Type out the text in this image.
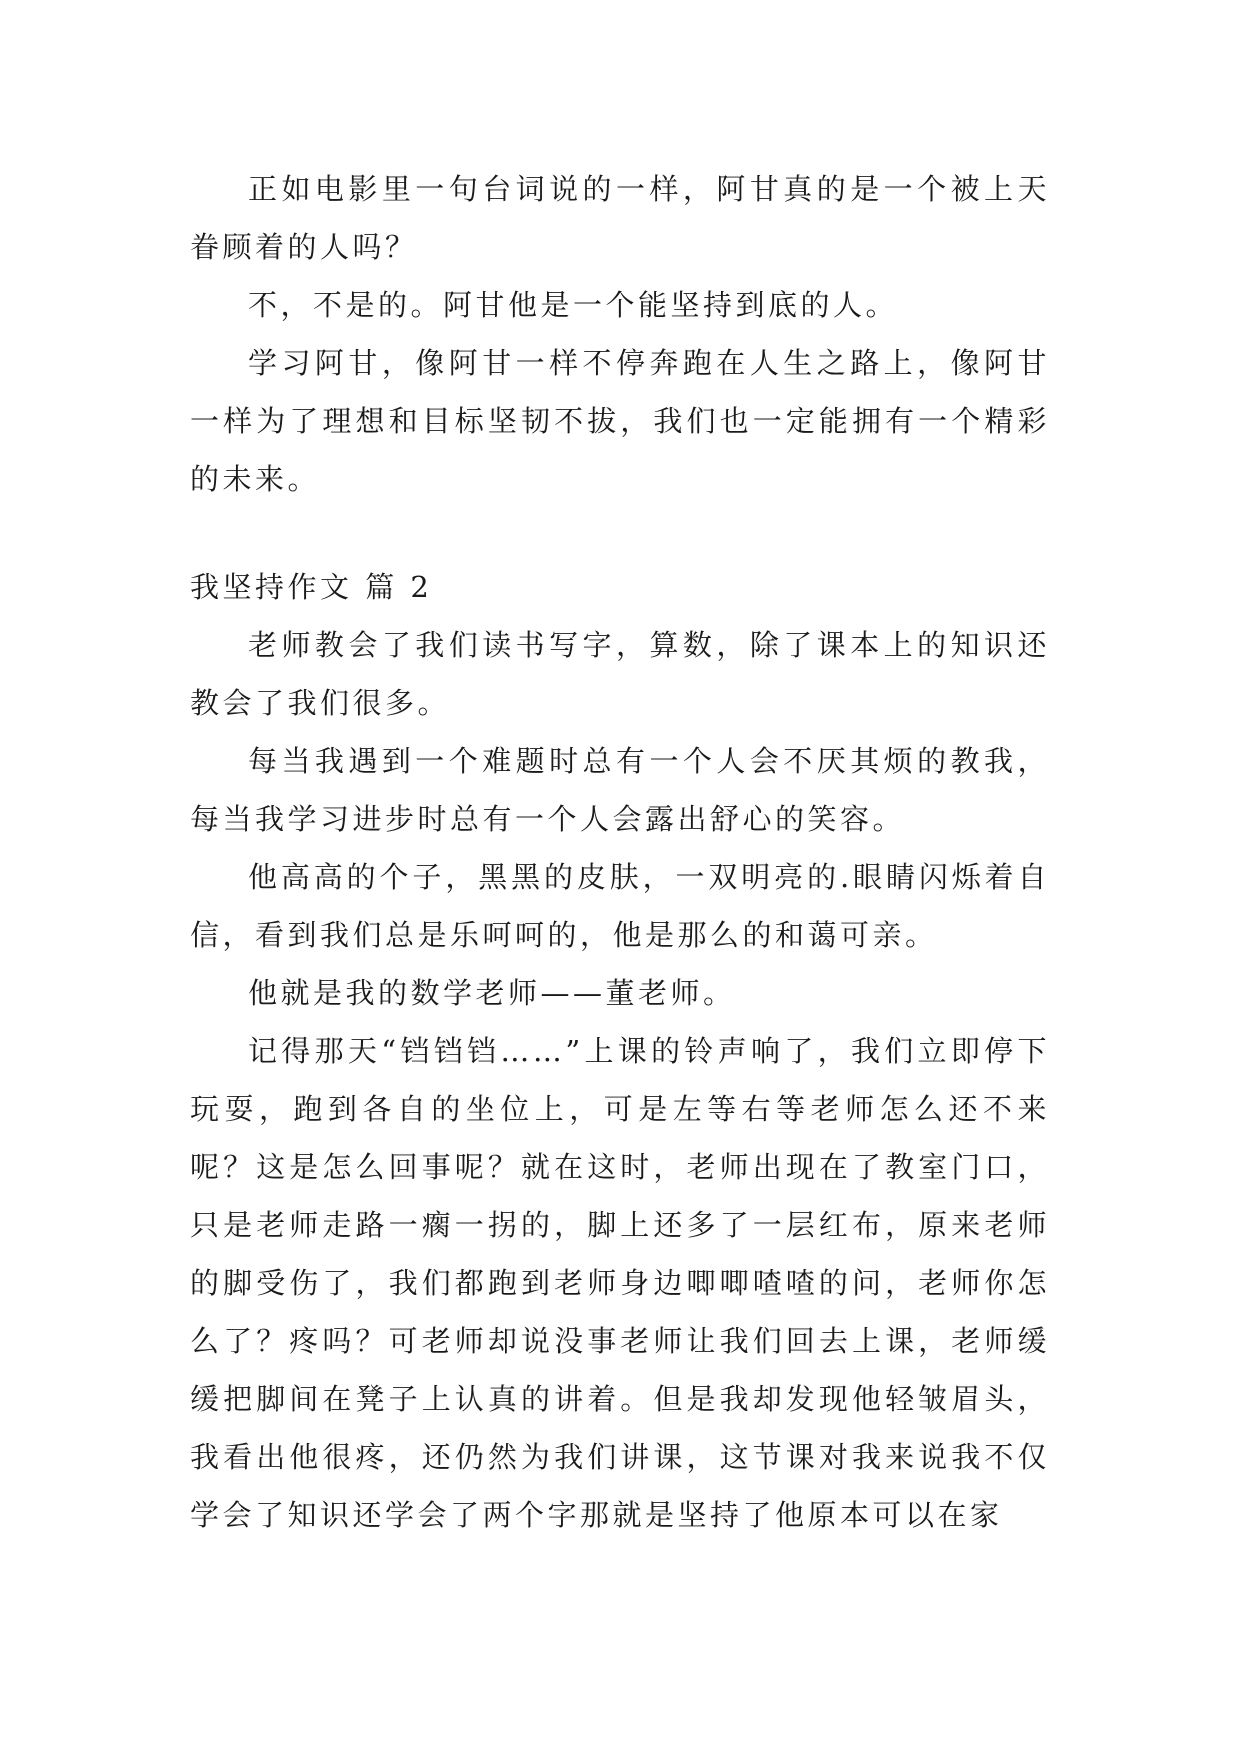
正如电影里一句台词说的一样，阿甘真的是一个被上天眷顾着的人吗？

不，不是的。阿甘他是一个能坚持到底的人。

学习阿甘，像阿甘一样不停奔跑在人生之路上，像阿甘一样为了理想和目标坚韧不拔，我们也一定能拥有一个精彩的未来。

我坚持作文 篇 2

老师教会了我们读书写字，算数，除了课本上的知识还教会了我们很多。

每当我遇到一个难题时总有一个人会不厌其烦的教我，每当我学习进步时总有一个人会露出舒心的笑容。

他高高的个子，黑黑的皮肤，一双明亮的.眼睛闪烁着自信，看到我们总是乐呵呵的，他是那么的和蔼可亲。

他就是我的数学老师——董老师。

记得那天“铛铛铛……”上课的铃声响了，我们立即停下玩耍，跑到各自的坐位上，可是左等右等老师怎么还不来呢？这是怎么回事呢？就在这时，老师出现在了教室门口，只是老师走路一瘸一拐的，脚上还多了一层红布，原来老师的脚受伤了，我们都跑到老师身边唧唧喳喳的问，老师你怎么了？疼吗？可老师却说没事老师让我们回去上课，老师缓缓把脚间在凳子上认真的讲着。但是我却发现他轻皱眉头，我看出他很疼，还仍然为我们讲课，这节课对我来说我不仅学会了知识还学会了两个字那就是坚持了他原本可以在家
